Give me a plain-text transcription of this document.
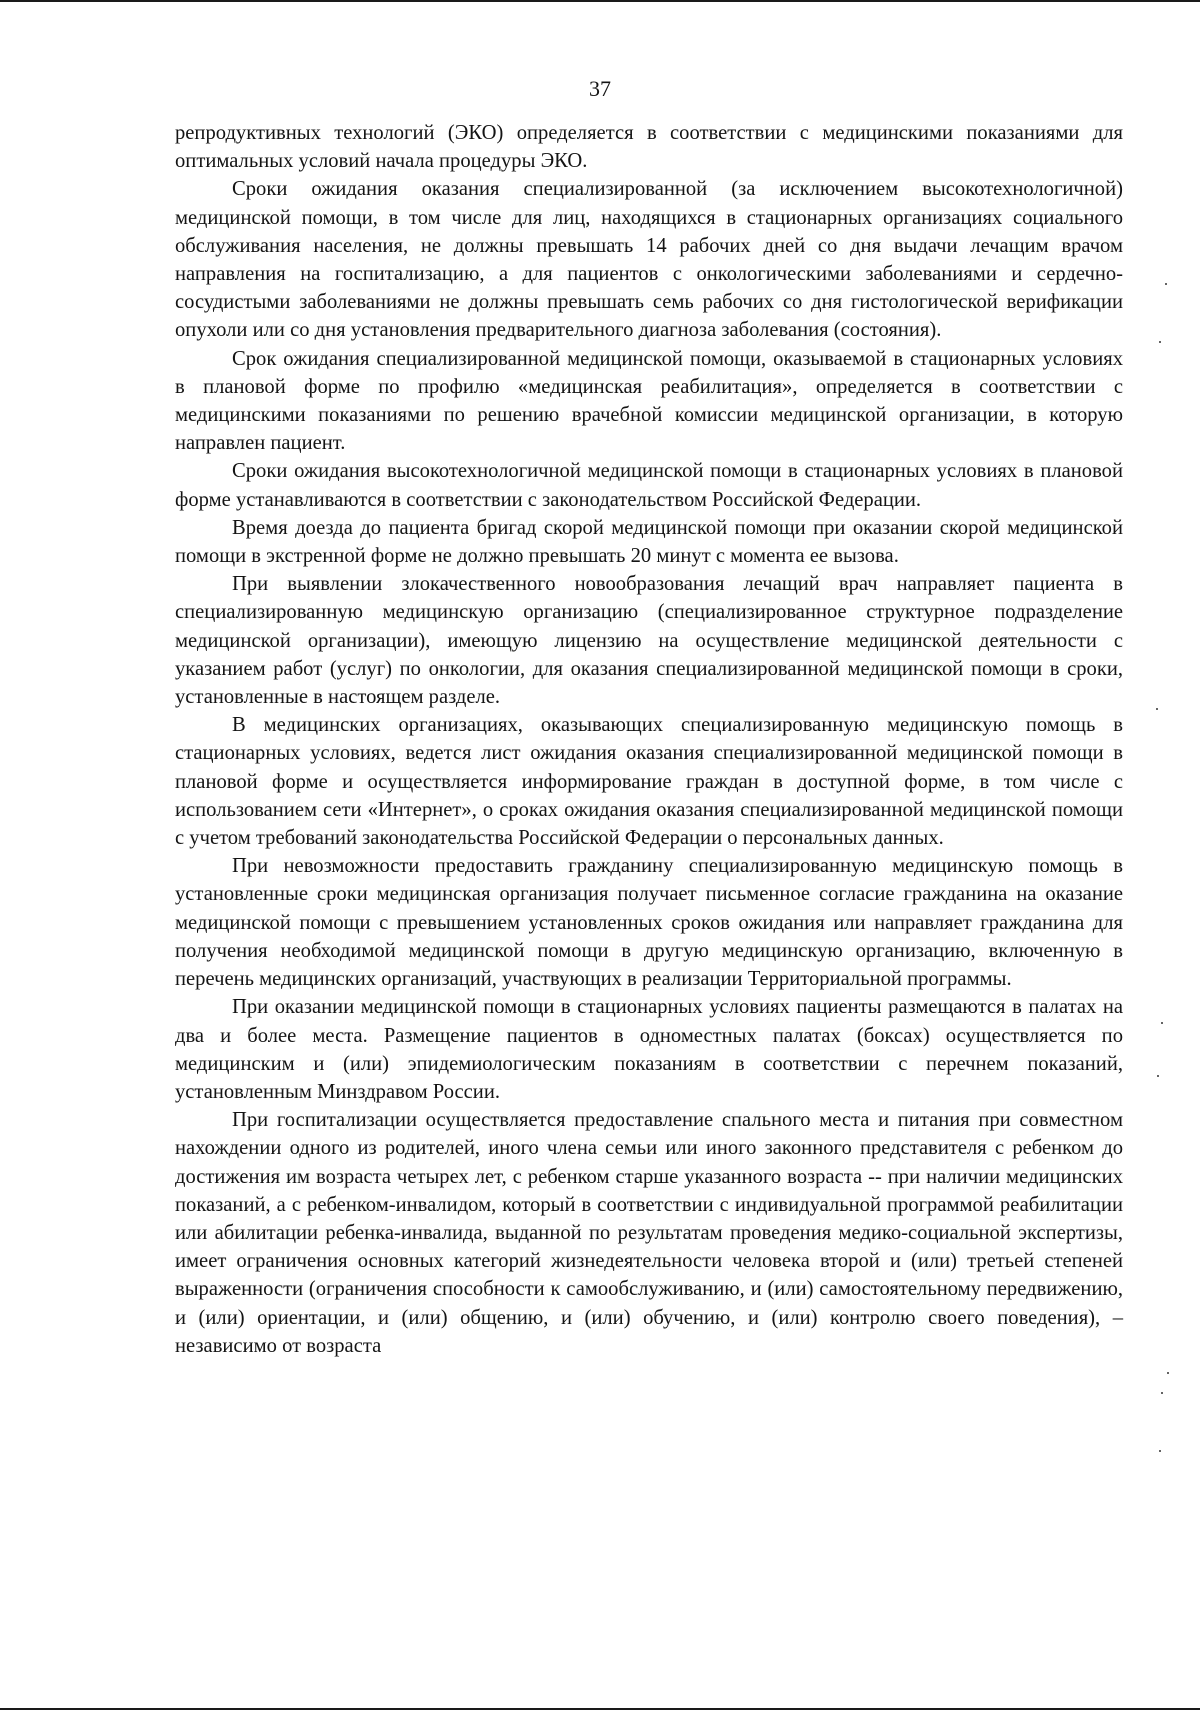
37

репродуктивных технологий (ЭКО) определяется в соответствии с медицинскими показаниями для оптимальных условий начала процедуры ЭКО.

Сроки ожидания оказания специализированной (за исключением высокотехнологичной) медицинской помощи, в том числе для лиц, находящихся в стационарных организациях социального обслуживания населения, не должны превышать 14 рабочих дней со дня выдачи лечащим врачом направления на госпитализацию, а для пациентов с онкологическими заболеваниями и сердечно-сосудистыми заболеваниями не должны превышать семь рабочих со дня гистологической верификации опухоли или со дня установления предварительного диагноза заболевания (состояния).

Срок ожидания специализированной медицинской помощи, оказываемой в стационарных условиях в плановой форме по профилю «медицинская реабилитация», определяется в соответствии с медицинскими показаниями по решению врачебной комиссии медицинской организации, в которую направлен пациент.

Сроки ожидания высокотехнологичной медицинской помощи в стационарных условиях в плановой форме устанавливаются в соответствии с законодательством Российской Федерации.

Время доезда до пациента бригад скорой медицинской помощи при оказании скорой медицинской помощи в экстренной форме не должно превышать 20 минут с момента ее вызова.

При выявлении злокачественного новообразования лечащий врач направляет пациента в специализированную медицинскую организацию (специализированное структурное подразделение медицинской организации), имеющую лицензию на осуществление медицинской деятельности с указанием работ (услуг) по онкологии, для оказания специализированной медицинской помощи в сроки, установленные в настоящем разделе.

В медицинских организациях, оказывающих специализированную медицинскую помощь в стационарных условиях, ведется лист ожидания оказания специализированной медицинской помощи в плановой форме и осуществляется информирование граждан в доступной форме, в том числе с использованием сети «Интернет», о сроках ожидания оказания специализированной медицинской помощи с учетом требований законодательства Российской Федерации о персональных данных.

При невозможности предоставить гражданину специализированную медицинскую помощь в установленные сроки медицинская организация получает письменное согласие гражданина на оказание медицинской помощи с превышением установленных сроков ожидания или направляет гражданина для получения необходимой медицинской помощи в другую медицинскую организацию, включенную в перечень медицинских организаций, участвующих в реализации Территориальной программы.

При оказании медицинской помощи в стационарных условиях пациенты размещаются в палатах на два и более места. Размещение пациентов в одноместных палатах (боксах) осуществляется по медицинским и (или) эпидемиологическим показаниям в соответствии с перечнем показаний, установленным Минздравом России.

При госпитализации осуществляется предоставление спального места и питания при совместном нахождении одного из родителей, иного члена семьи или иного законного представителя с ребенком до достижения им возраста четырех лет, с ребенком старше указанного возраста -- при наличии медицинских показаний, а с ребенком-инвалидом, который в соответствии с индивидуальной программой реабилитации или абилитации ребенка-инвалида, выданной по результатам проведения медико-социальной экспертизы, имеет ограничения основных категорий жизнедеятельности человека второй и (или) третьей степеней выраженности (ограничения способности к самообслуживанию, и (или) самостоятельному передвижению, и (или) ориентации, и (или) общению, и (или) обучению, и (или) контролю своего поведения), – независимо от возраста
